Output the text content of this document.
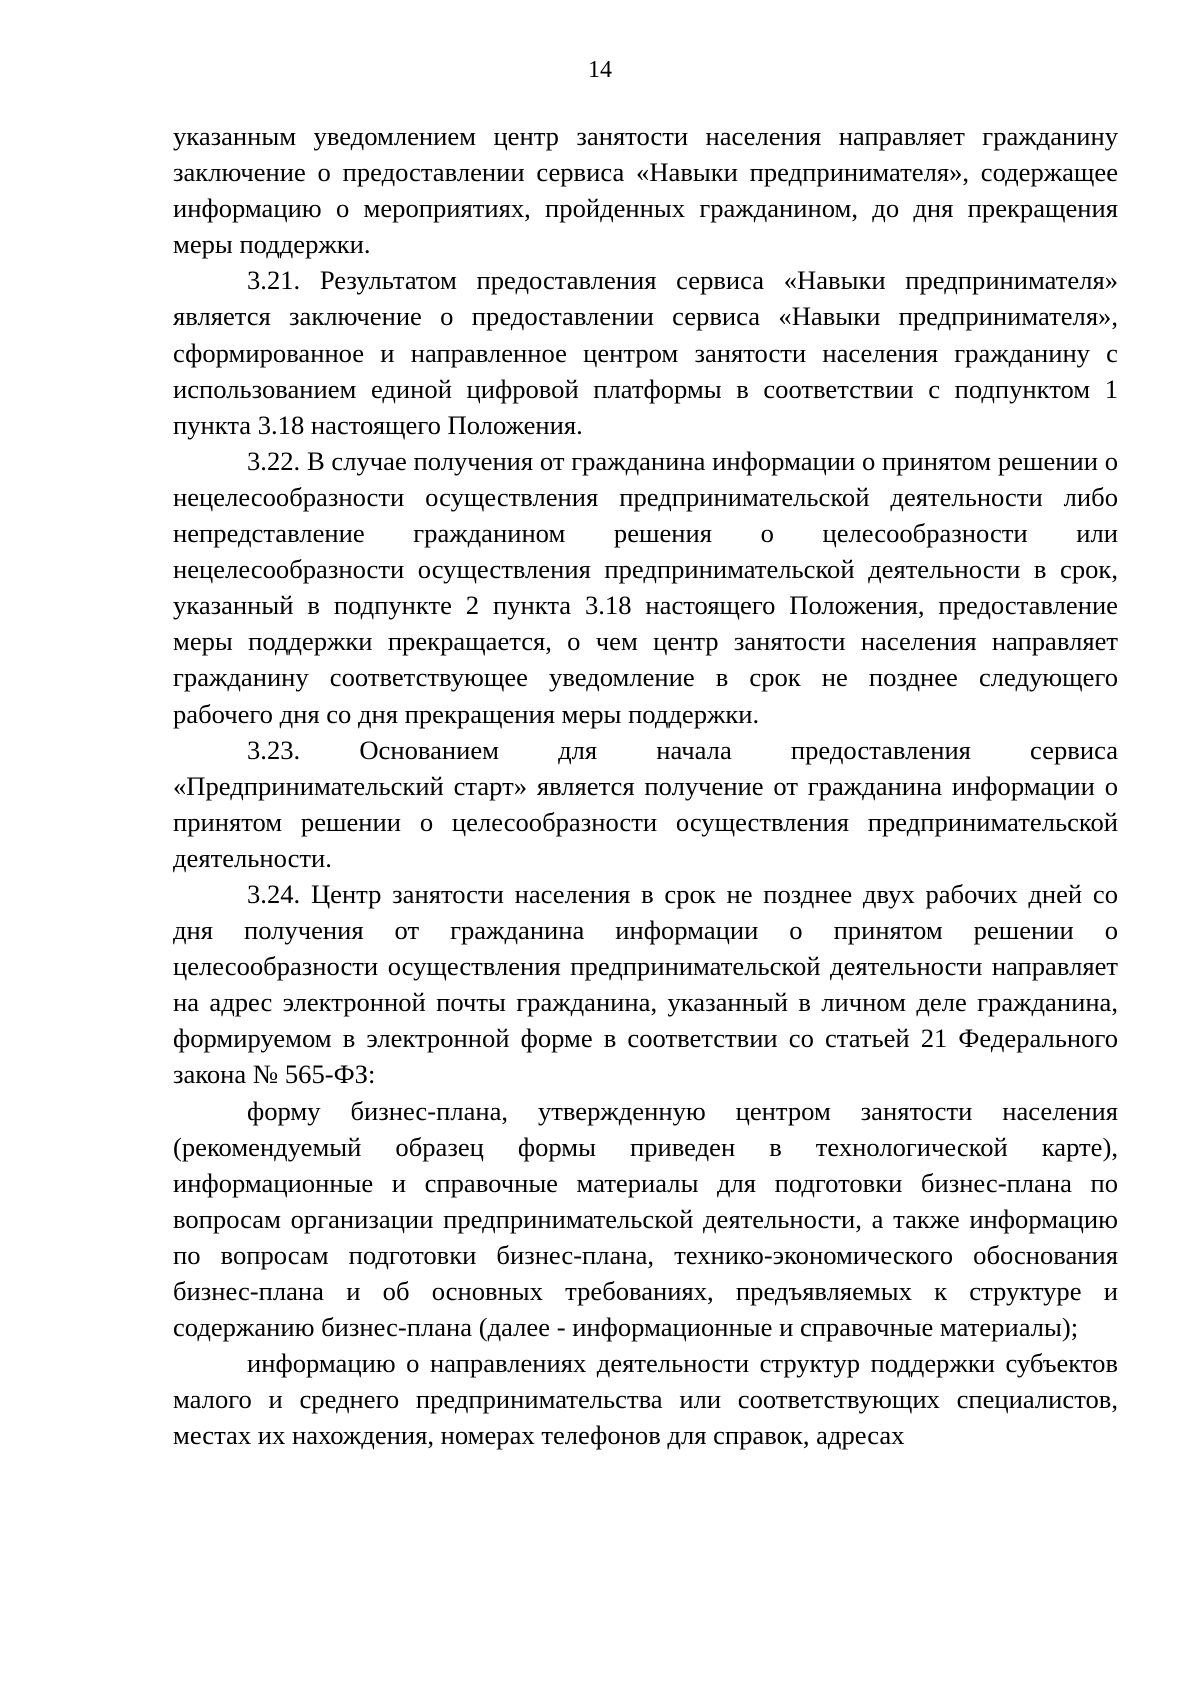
14

указанным уведомлением центр занятости населения направляет гражданину заключение о предоставлении сервиса «Навыки предпринимателя», содержащее информацию о мероприятиях, пройденных гражданином, до дня прекращения меры поддержки.

3.21. Результатом предоставления сервиса «Навыки предпринимателя» является заключение о предоставлении сервиса «Навыки предпринимателя», сформированное и направленное центром занятости населения гражданину с использованием единой цифровой платформы в соответствии с подпунктом 1 пункта 3.18 настоящего Положения.

3.22. В случае получения от гражданина информации о принятом решении о нецелесообразности осуществления предпринимательской деятельности либо непредставление гражданином решения о целесообразности или нецелесообразности осуществления предпринимательской деятельности в срок, указанный в подпункте 2 пункта 3.18 настоящего Положения, предоставление меры поддержки прекращается, о чем центр занятости населения направляет гражданину соответствующее уведомление в срок не позднее следующего рабочего дня со дня прекращения меры поддержки.

3.23. Основанием для начала предоставления сервиса «Предпринимательский старт» является получение от гражданина информации о принятом решении о целесообразности осуществления предпринимательской деятельности.

3.24. Центр занятости населения в срок не позднее двух рабочих дней со дня получения от гражданина информации о принятом решении о целесообразности осуществления предпринимательской деятельности направляет на адрес электронной почты гражданина, указанный в личном деле гражданина, формируемом в электронной форме в соответствии со статьей 21 Федерального закона № 565-ФЗ:

форму бизнес-плана, утвержденную центром занятости населения (рекомендуемый образец формы приведен в технологической карте), информационные и справочные материалы для подготовки бизнес-плана по вопросам организации предпринимательской деятельности, а также информацию по вопросам подготовки бизнес-плана, технико-экономического обоснования бизнес-плана и об основных требованиях, предъявляемых к структуре и содержанию бизнес-плана (далее - информационные и справочные материалы);

информацию о направлениях деятельности структур поддержки субъектов малого и среднего предпринимательства или соответствующих специалистов, местах их нахождения, номерах телефонов для справок, адресах
